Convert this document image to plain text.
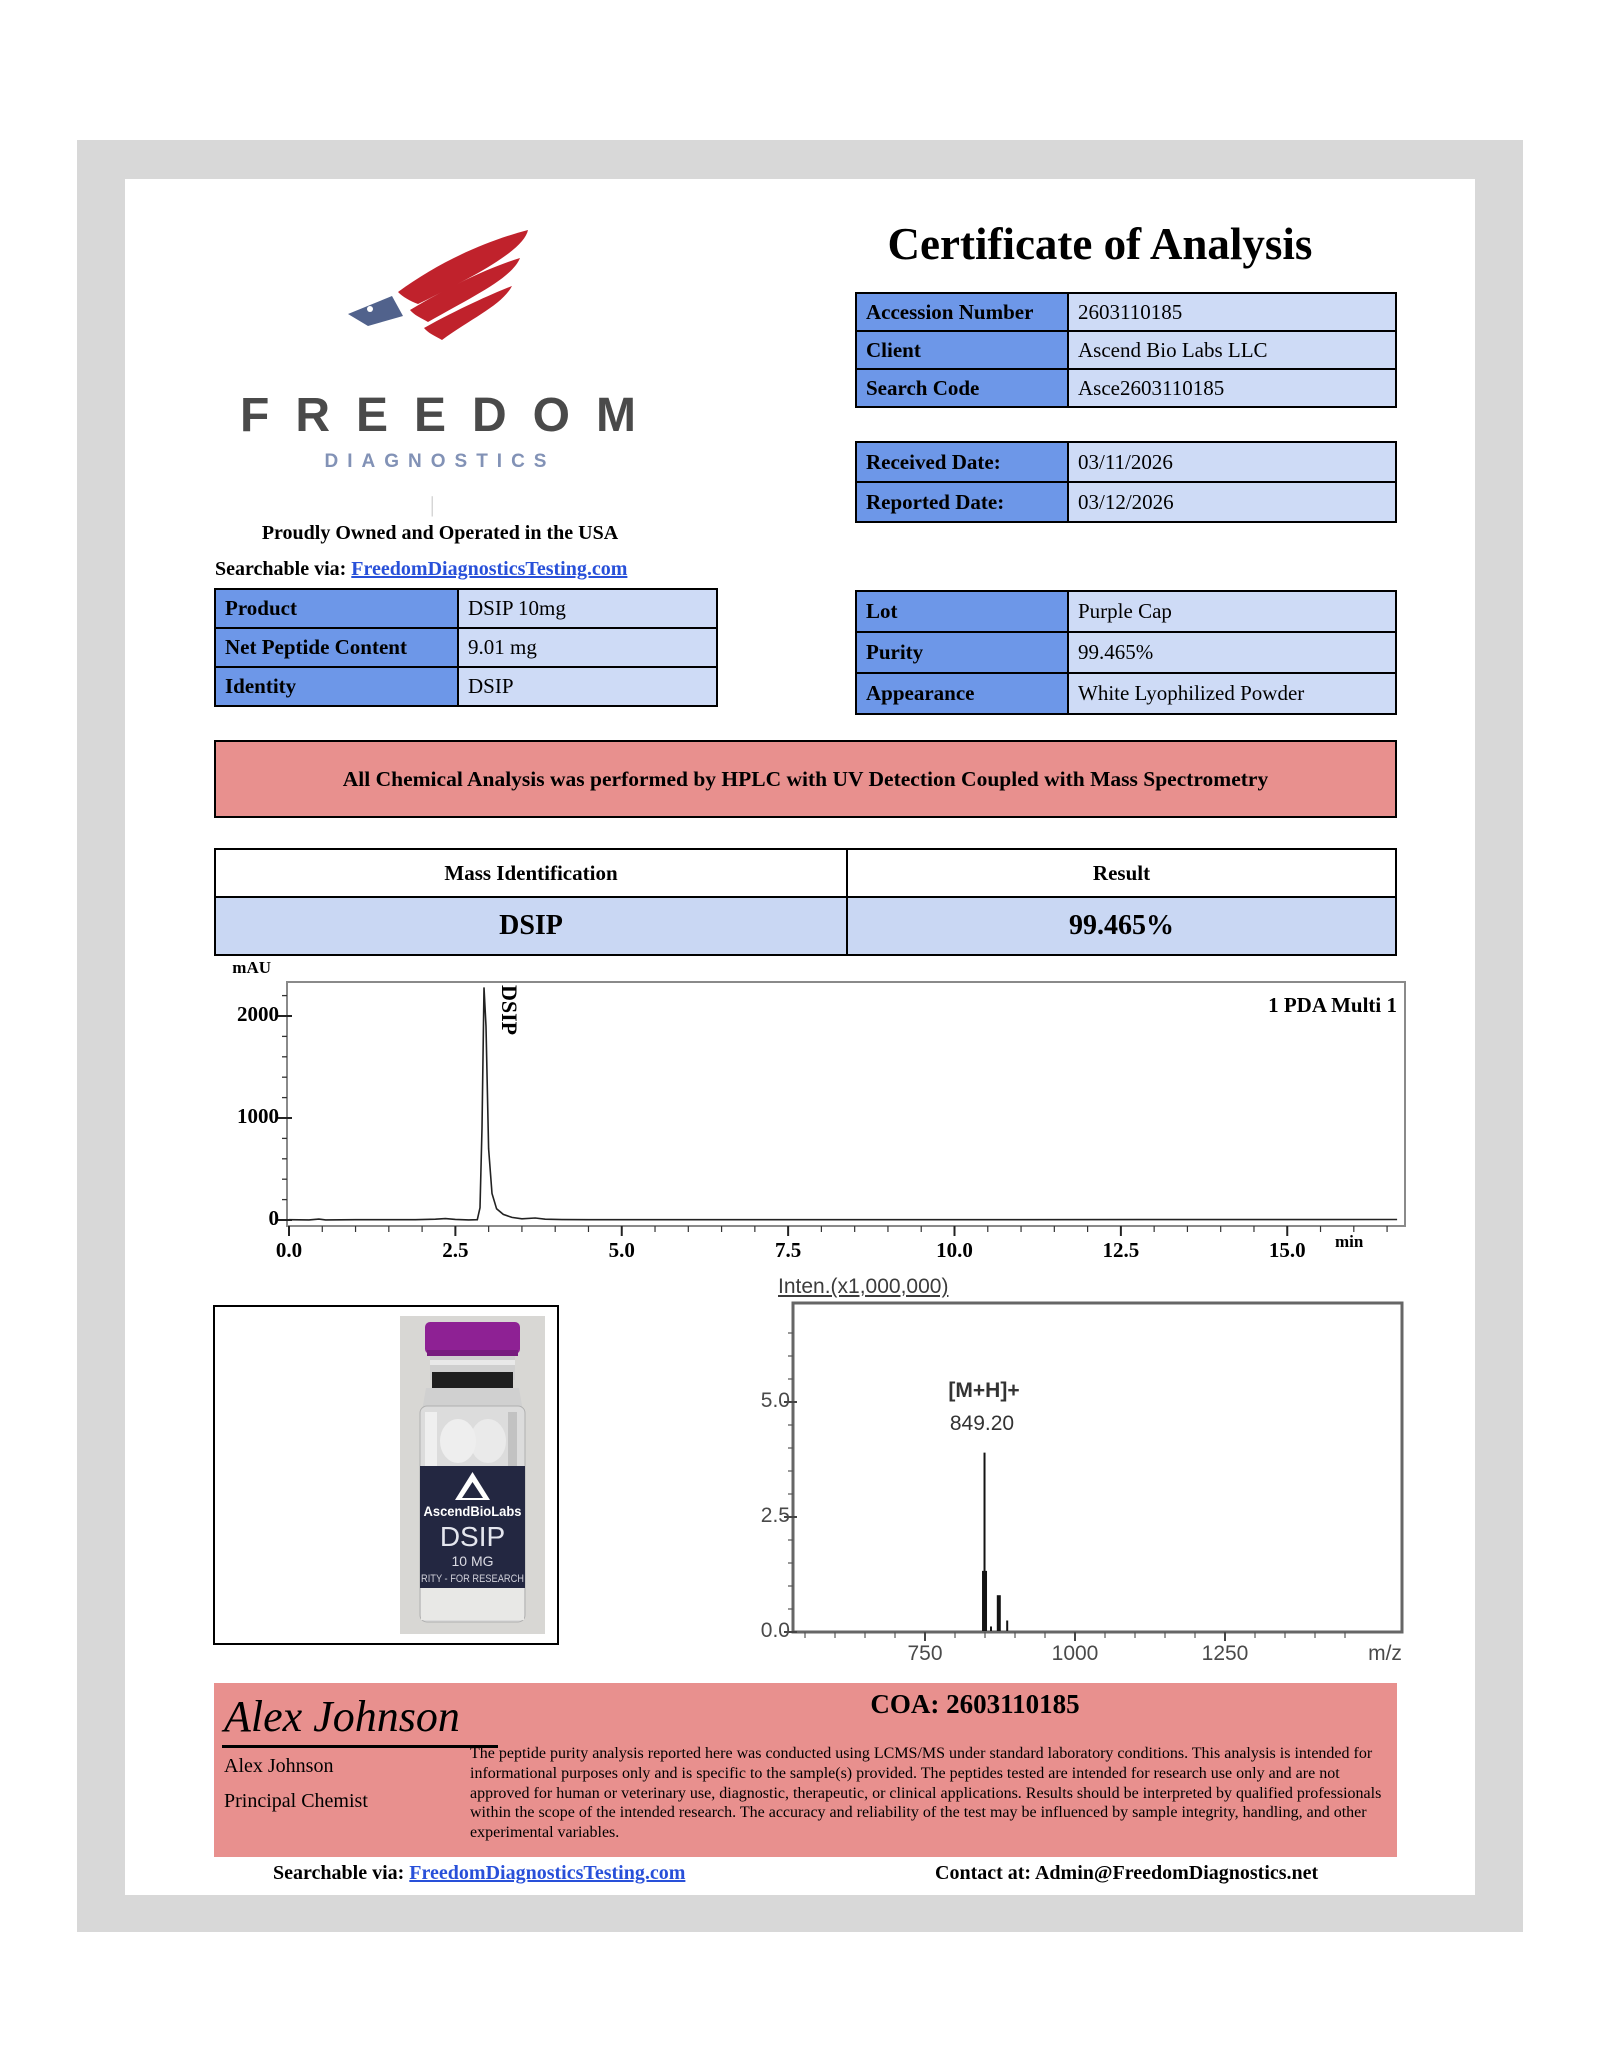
FREEDOM
DIAGNOSTICS
|
Proudly Owned and Operated in the USA
Searchable via: FreedomDiagnosticsTesting.com
Certificate of Analysis
Accession Number	2603110185
Client	Ascend Bio Labs LLC
Search Code	Asce2603110185
Received Date:	03/11/2026
Reported Date:	03/12/2026
Product	DSIP 10mg
Net Peptide Content	9.01 mg
Identity	DSIP
Lot	Purple Cap
Purity	99.465%
Appearance	White Lyophilized Powder
All Chemical Analysis was performed by HPLC with UV Detection Coupled with Mass Spectrometry
Mass Identification	Result
DSIP	99.465%
mAU
min
1 PDA Multi 1
DSIP
0
1000
2000
0.0	2.5	5.0	7.5	10.0	12.5	15.0
AscendBioLabs
DSIP
10 MG
RITY - FOR RESEARCH
Inten.(x1,000,000)
m/z
[M+H]+
849.20
0.0
2.5
5.0
750	1000	1250
Alex Johnson
Alex Johnson
Principal Chemist
COA: 2603110185
The peptide purity analysis reported here was conducted using LCMS/MS under standard laboratory conditions. This analysis is intended for informational purposes only and is specific to the sample(s) provided. The peptides tested are intended for research use only and are not approved for human or veterinary use, diagnostic, therapeutic, or clinical applications. Results should be interpreted by qualified professionals within the scope of the intended research. The accuracy and reliability of the test may be influenced by sample integrity, handling, and other experimental variables.
Searchable via: FreedomDiagnosticsTesting.com	Contact at: Admin@FreedomDiagnostics.net
